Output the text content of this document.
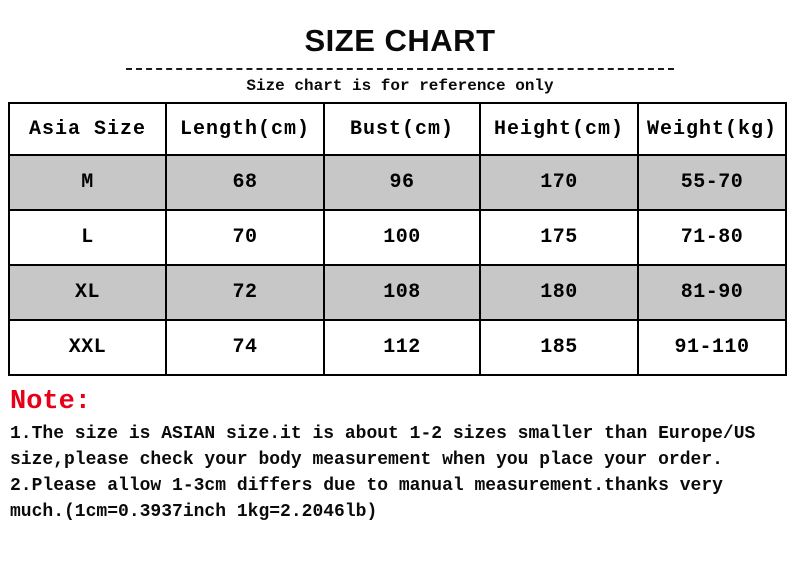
SIZE CHART
Size chart is for reference only
Asia Size	Length(cm)	Bust(cm)	Height(cm)	Weight(kg)
M	68	96	170	55-70
L	70	100	175	71-80
XL	72	108	180	81-90
XXL	74	112	185	91-110
Note:
1.The size is ASIAN size.it is about 1-2 sizes smaller than Europe/US
size,please check your body measurement when you place your order.
2.Please allow 1-3cm differs due to manual measurement.thanks very
much.(1cm=0.3937inch 1kg=2.2046lb)
